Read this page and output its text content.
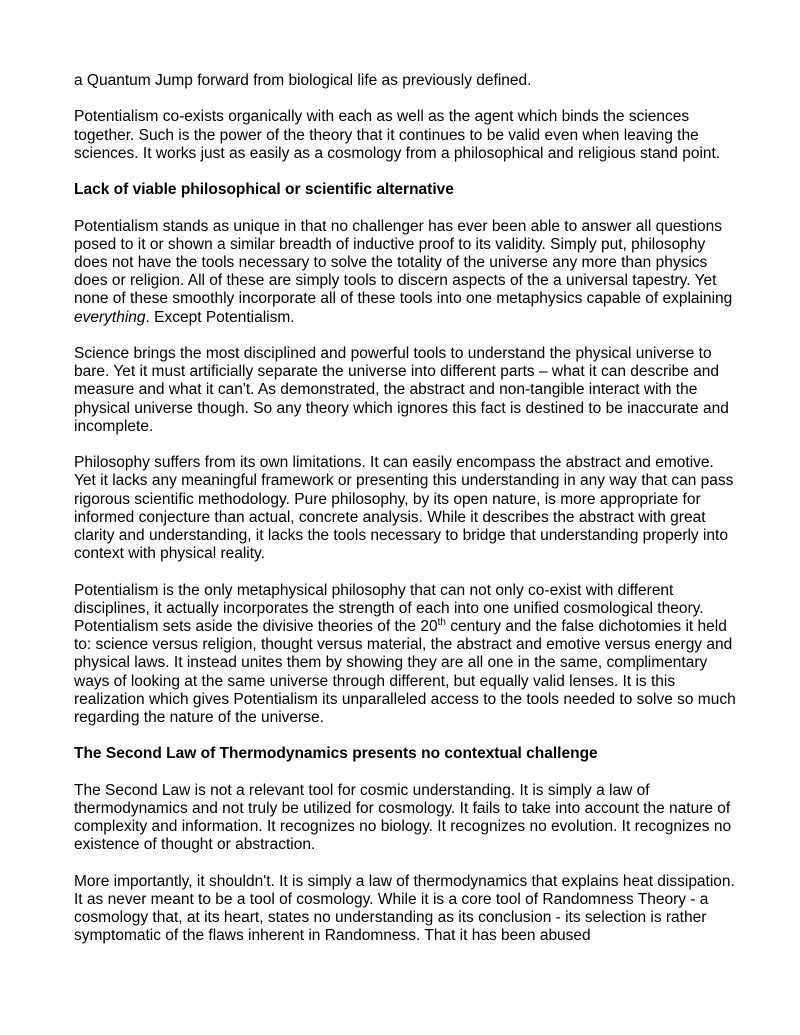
a Quantum Jump forward from biological life as previously defined.

Potentialism co-exists organically with each as well as the agent which binds the sciences together. Such is the power of the theory that it continues to be valid even when leaving the sciences. It works just as easily as a cosmology from a philosophical and religious stand point.

Lack of viable philosophical or scientific alternative

Potentialism stands as unique in that no challenger has ever been able to answer all questions posed to it or shown a similar breadth of inductive proof to its validity. Simply put, philosophy does not have the tools necessary to solve the totality of the universe any more than physics does or religion. All of these are simply tools to discern aspects of the a universal tapestry. Yet none of these smoothly incorporate all of these tools into one metaphysics capable of explaining everything. Except Potentialism.

Science brings the most disciplined and powerful tools to understand the physical universe to bare. Yet it must artificially separate the universe into different parts – what it can describe and measure and what it can't. As demonstrated, the abstract and non-tangible interact with the physical universe though. So any theory which ignores this fact is destined to be inaccurate and incomplete.

Philosophy suffers from its own limitations. It can easily encompass the abstract and emotive. Yet it lacks any meaningful framework or presenting this understanding in any way that can pass rigorous scientific methodology. Pure philosophy, by its open nature, is more appropriate for informed conjecture than actual, concrete analysis. While it describes the abstract with great clarity and understanding, it lacks the tools necessary to bridge that understanding properly into context with physical reality.

Potentialism is the only metaphysical philosophy that can not only co-exist with different disciplines, it actually incorporates the strength of each into one unified cosmological theory. Potentialism sets aside the divisive theories of the 20th century and the false dichotomies it held to: science versus religion, thought versus material, the abstract and emotive versus energy and physical laws. It instead unites them by showing they are all one in the same, complimentary ways of looking at the same universe through different, but equally valid lenses. It is this realization which gives Potentialism its unparalleled access to the tools needed to solve so much regarding the nature of the universe.

The Second Law of Thermodynamics presents no contextual challenge

The Second Law is not a relevant tool for cosmic understanding. It is simply a law of thermodynamics and not truly be utilized for cosmology. It fails to take into account the nature of complexity and information. It recognizes no biology. It recognizes no evolution. It recognizes no existence of thought or abstraction.

More importantly, it shouldn't. It is simply a law of thermodynamics that explains heat dissipation. It as never meant to be a tool of cosmology. While it is a core tool of Randomness Theory - a cosmology that, at its heart, states no understanding as its conclusion - its selection is rather symptomatic of the flaws inherent in Randomness. That it has been abused
